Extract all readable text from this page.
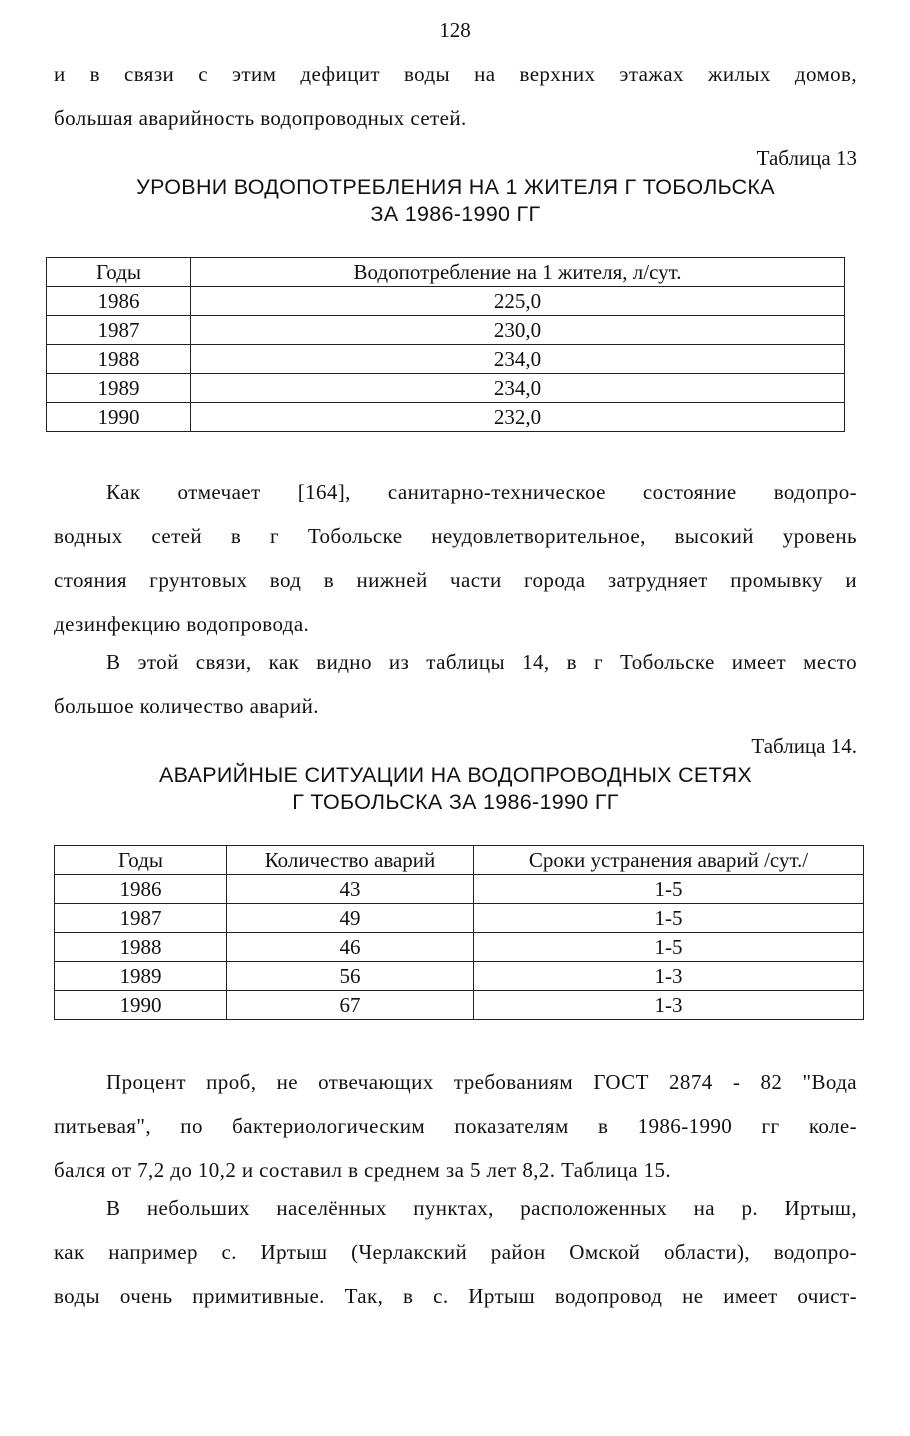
128
и в связи с этим дефицит воды на верхних этажах жилых домов,
большая аварийность водопроводных сетей.
Таблица 13
УРОВНИ ВОДОПОТРЕБЛЕНИЯ НА 1 ЖИТЕЛЯ Г ТОБОЛЬСКА
ЗА 1986-1990 ГГ
Годы	Водопотребление на 1 жителя, л/сут.
1986	225,0
1987	230,0
1988	234,0
1989	234,0
1990	232,0
Как отмечает [164], санитарно-техническое состояние водопро-
водных сетей в г Тобольске неудовлетворительное, высокий уровень
стояния грунтовых вод в нижней части города затрудняет промывку и
дезинфекцию водопровода.
В этой связи, как видно из таблицы 14, в г Тобольске имеет место
большое количество аварий.
Таблица 14.
АВАРИЙНЫЕ СИТУАЦИИ НА ВОДОПРОВОДНЫХ СЕТЯХ
Г ТОБОЛЬСКА ЗА 1986-1990 ГГ
Годы	Количество аварий	Сроки устранения аварий /сут./
1986	43	1-5
1987	49	1-5
1988	46	1-5
1989	56	1-3
1990	67	1-3
Процент проб, не отвечающих требованиям ГОСТ 2874 - 82 "Вода
питьевая", по бактериологическим показателям в 1986-1990 гг коле-
бался от 7,2 до 10,2 и составил в среднем за 5 лет 8,2. Таблица 15.
В небольших населённых пунктах, расположенных на р. Иртыш,
как например с. Иртыш (Черлакский район Омской области), водопро-
воды очень примитивные. Так, в с. Иртыш водопровод не имеет очист-
